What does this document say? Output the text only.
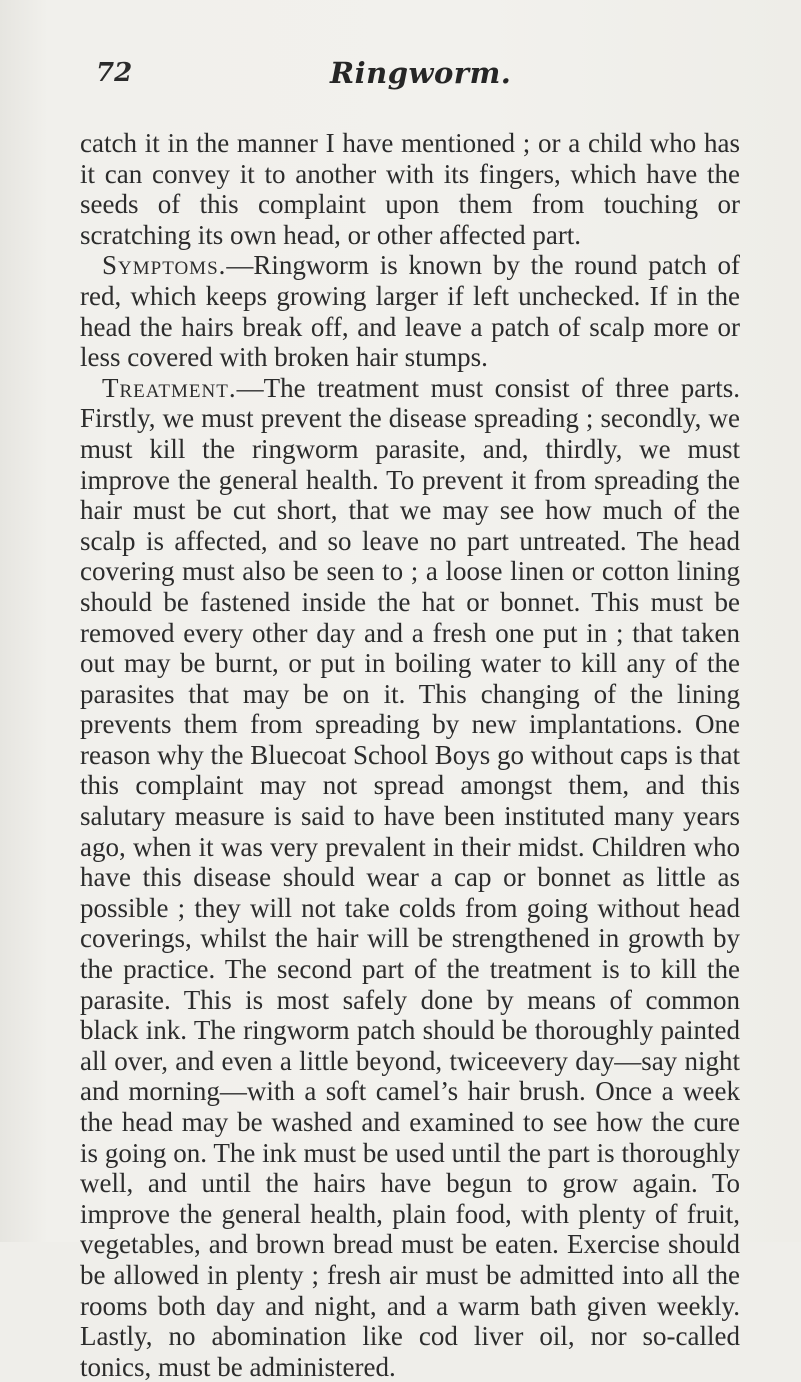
72	Ringworm.

catch it in the manner I have mentioned ; or a child who has it can convey it to another with its fingers, which have the seeds of this complaint upon them from touching or scratching its own head, or other affected part.

Symptoms.—Ringworm is known by the round patch of red, which keeps growing larger if left unchecked. If in the head the hairs break off, and leave a patch of scalp more or less covered with broken hair stumps.

Treatment.—The treatment must consist of three parts. Firstly, we must prevent the disease spreading ; secondly, we must kill the ringworm parasite, and, thirdly, we must improve the general health. To prevent it from spreading the hair must be cut short, that we may see how much of the scalp is affected, and so leave no part untreated. The head covering must also be seen to ; a loose linen or cotton lining should be fastened inside the hat or bonnet. This must be removed every other day and a fresh one put in ; that taken out may be burnt, or put in boiling water to kill any of the parasites that may be on it. This changing of the lining prevents them from spreading by new implantations. One reason why the Bluecoat School Boys go without caps is that this complaint may not spread amongst them, and this salutary measure is said to have been instituted many years ago, when it was very prevalent in their midst. Children who have this disease should wear a cap or bonnet as little as possible ; they will not take colds from going without head coverings, whilst the hair will be strengthened in growth by the practice. The second part of the treatment is to kill the parasite. This is most safely done by means of common black ink. The ringworm patch should be thoroughly painted all over, and even a little beyond, twiceevery day—say night and morning—with a soft camel’s hair brush. Once a week the head may be washed and examined to see how the cure is going on. The ink must be used until the part is thoroughly well, and until the hairs have begun to grow again. To improve the general health, plain food, with plenty of fruit, vegetables, and brown bread must be eaten. Exercise should be allowed in plenty ; fresh air must be admitted into all the rooms both day and night, and a warm bath given weekly. Lastly, no abomination like cod liver oil, nor so-called tonics, must be administered.
